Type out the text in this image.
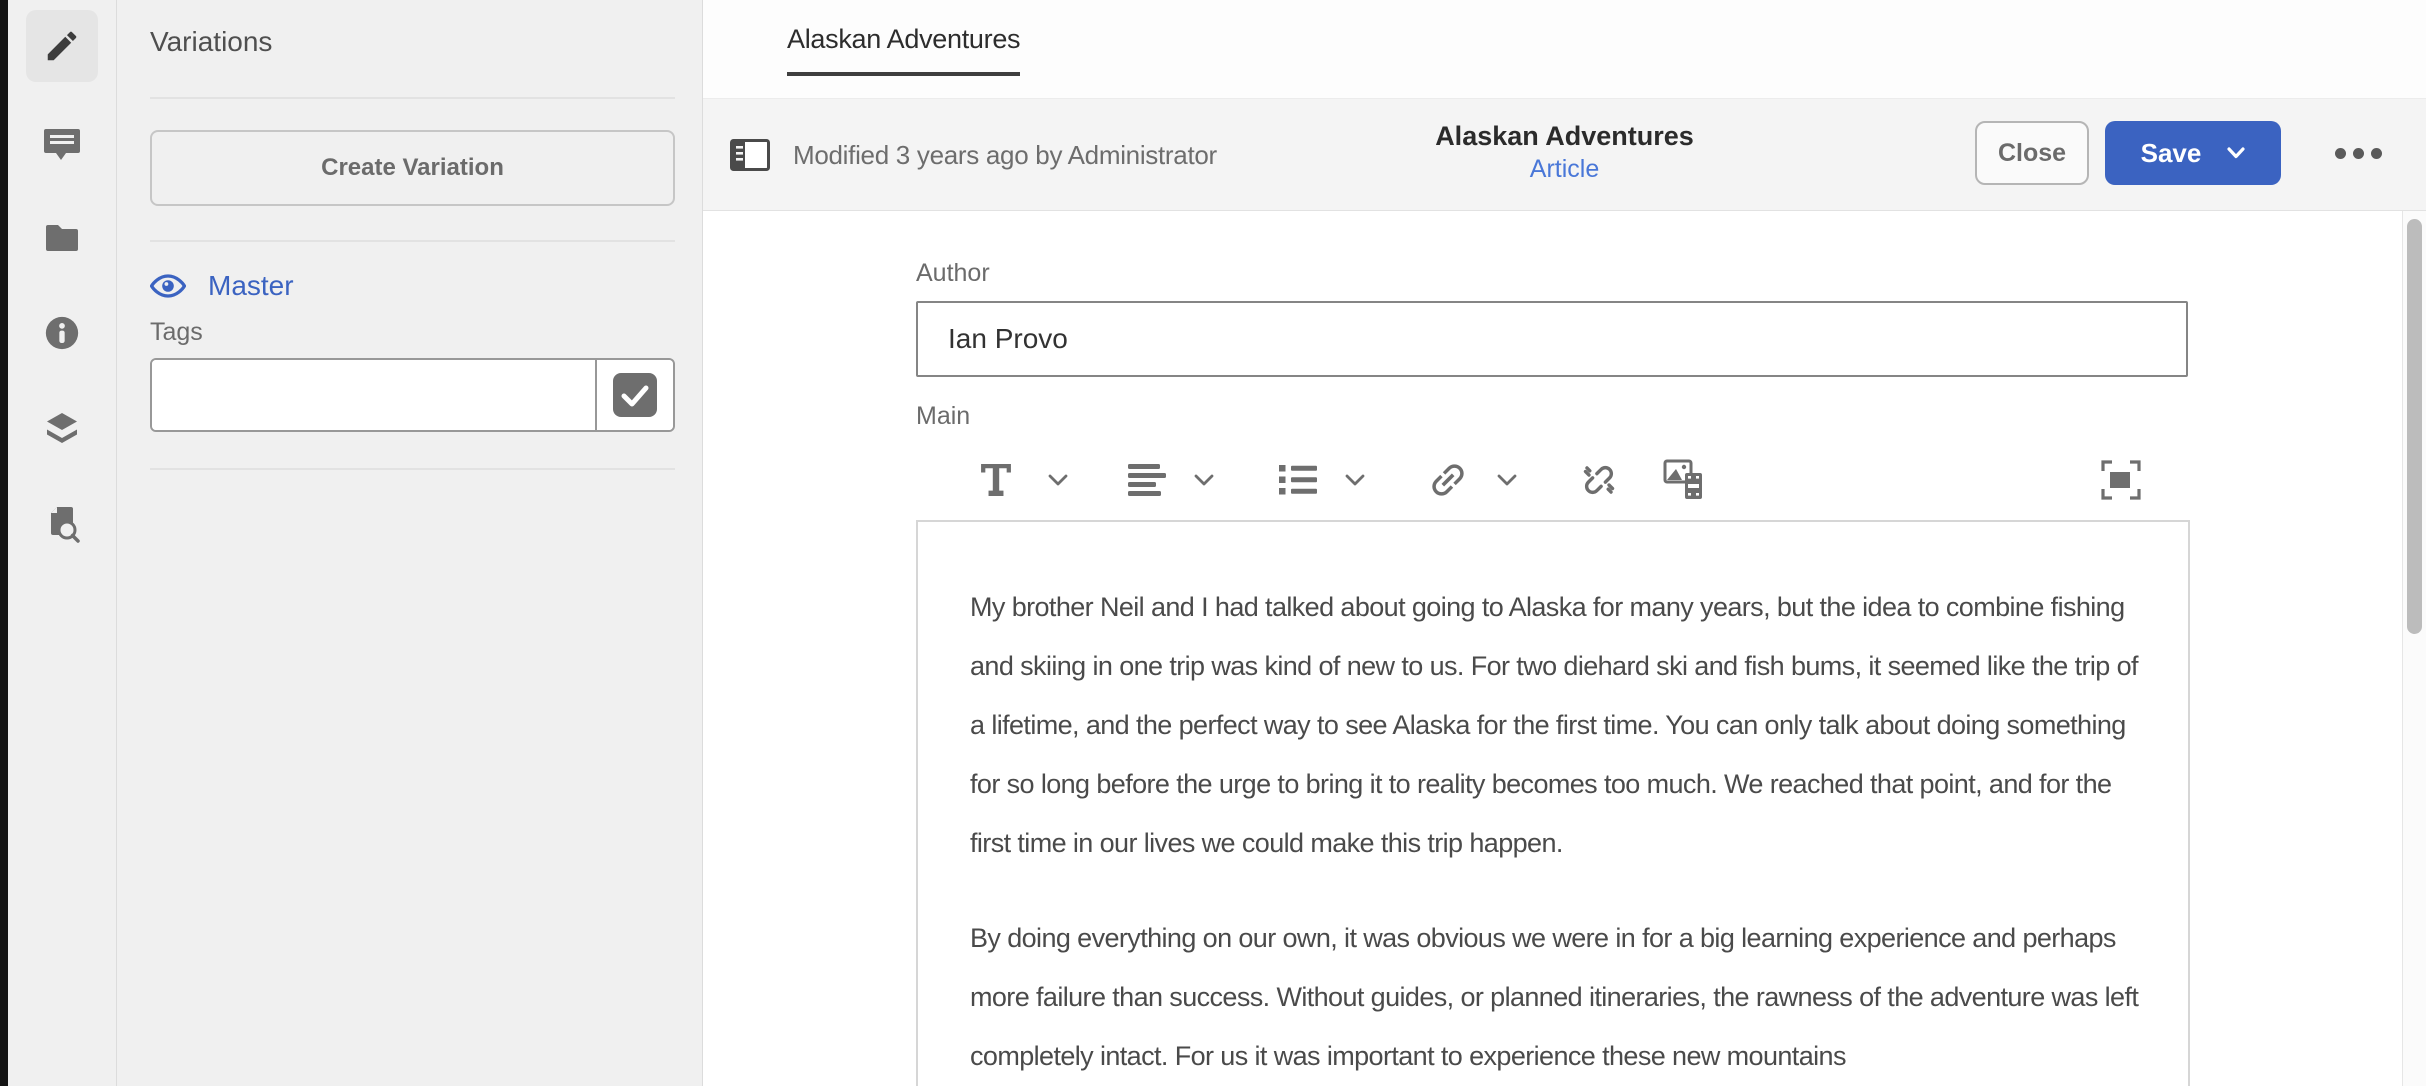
Variations
Create Variation
Master
Tags
Alaskan Adventures
Modified 3 years ago by Administrator
Alaskan Adventures
Article
Close	Save
Author
Ian Provo
Main

My brother Neil and I had talked about going to Alaska for many years, but the idea to combine fishing and skiing in one trip was kind of new to us. For two diehard ski and fish bums, it seemed like the trip of a lifetime, and the perfect way to see Alaska for the first time. You can only talk about doing something for so long before the urge to bring it to reality becomes too much. We reached that point, and for the first time in our lives we could make this trip happen.

By doing everything on our own, it was obvious we were in for a big learning experience and perhaps more failure than success. Without guides, or planned itineraries, the rawness of the adventure was left completely intact. For us it was important to experience these new mountains
